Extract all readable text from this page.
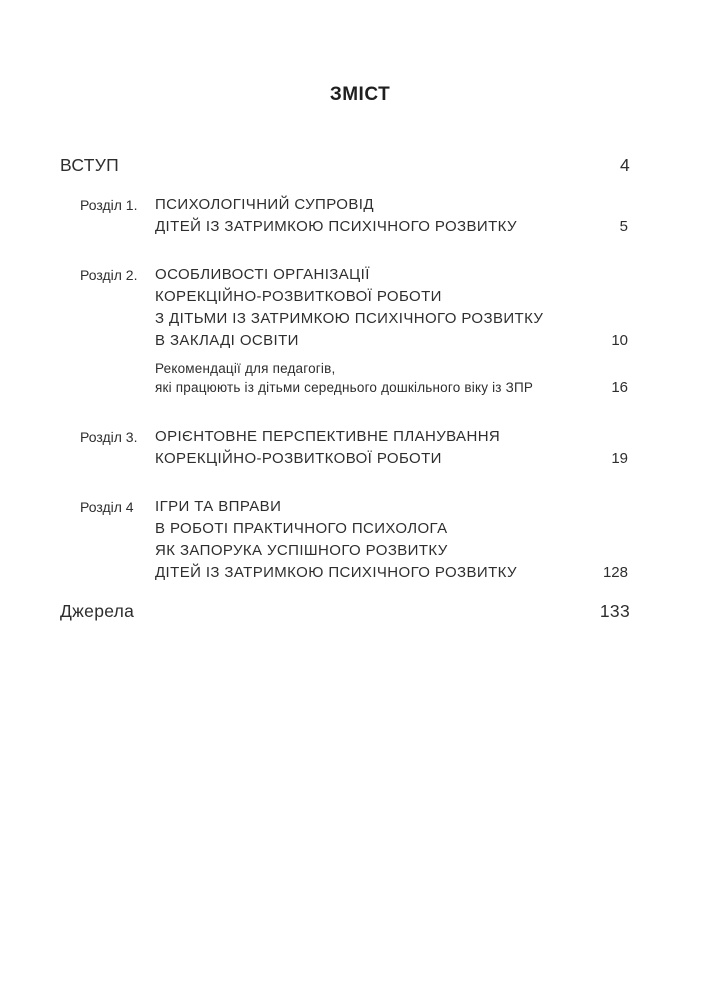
ЗМІСТ
ВСТУП	4
Розділ 1. ПСИХОЛОГІЧНИЙ СУПРОВІД
ДІТЕЙ ІЗ ЗАТРИМКОЮ ПСИХІЧНОГО РОЗВИТКУ	5
Розділ 2. ОСОБЛИВОСТІ ОРГАНІЗАЦІЇ
КОРЕКЦІЙНО-РОЗВИТКОВОЇ РОБОТИ
З ДІТЬМИ ІЗ ЗАТРИМКОЮ ПСИХІЧНОГО РОЗВИТКУ
В ЗАКЛАДІ ОСВІТИ	10
Рекомендації для педагогів,
які працюють із дітьми середнього дошкільного віку із ЗПР	16
Розділ 3. ОРІЄНТОВНЕ ПЕРСПЕКТИВНЕ ПЛАНУВАННЯ
КОРЕКЦІЙНО-РОЗВИТКОВОЇ РОБОТИ	19
Розділ 4 ІГРИ ТА ВПРАВИ
В РОБОТІ ПРАКТИЧНОГО ПСИХОЛОГА
ЯК ЗАПОРУКА УСПІШНОГО РОЗВИТКУ
ДІТЕЙ ІЗ ЗАТРИМКОЮ ПСИХІЧНОГО РОЗВИТКУ	128
Джерела	133
